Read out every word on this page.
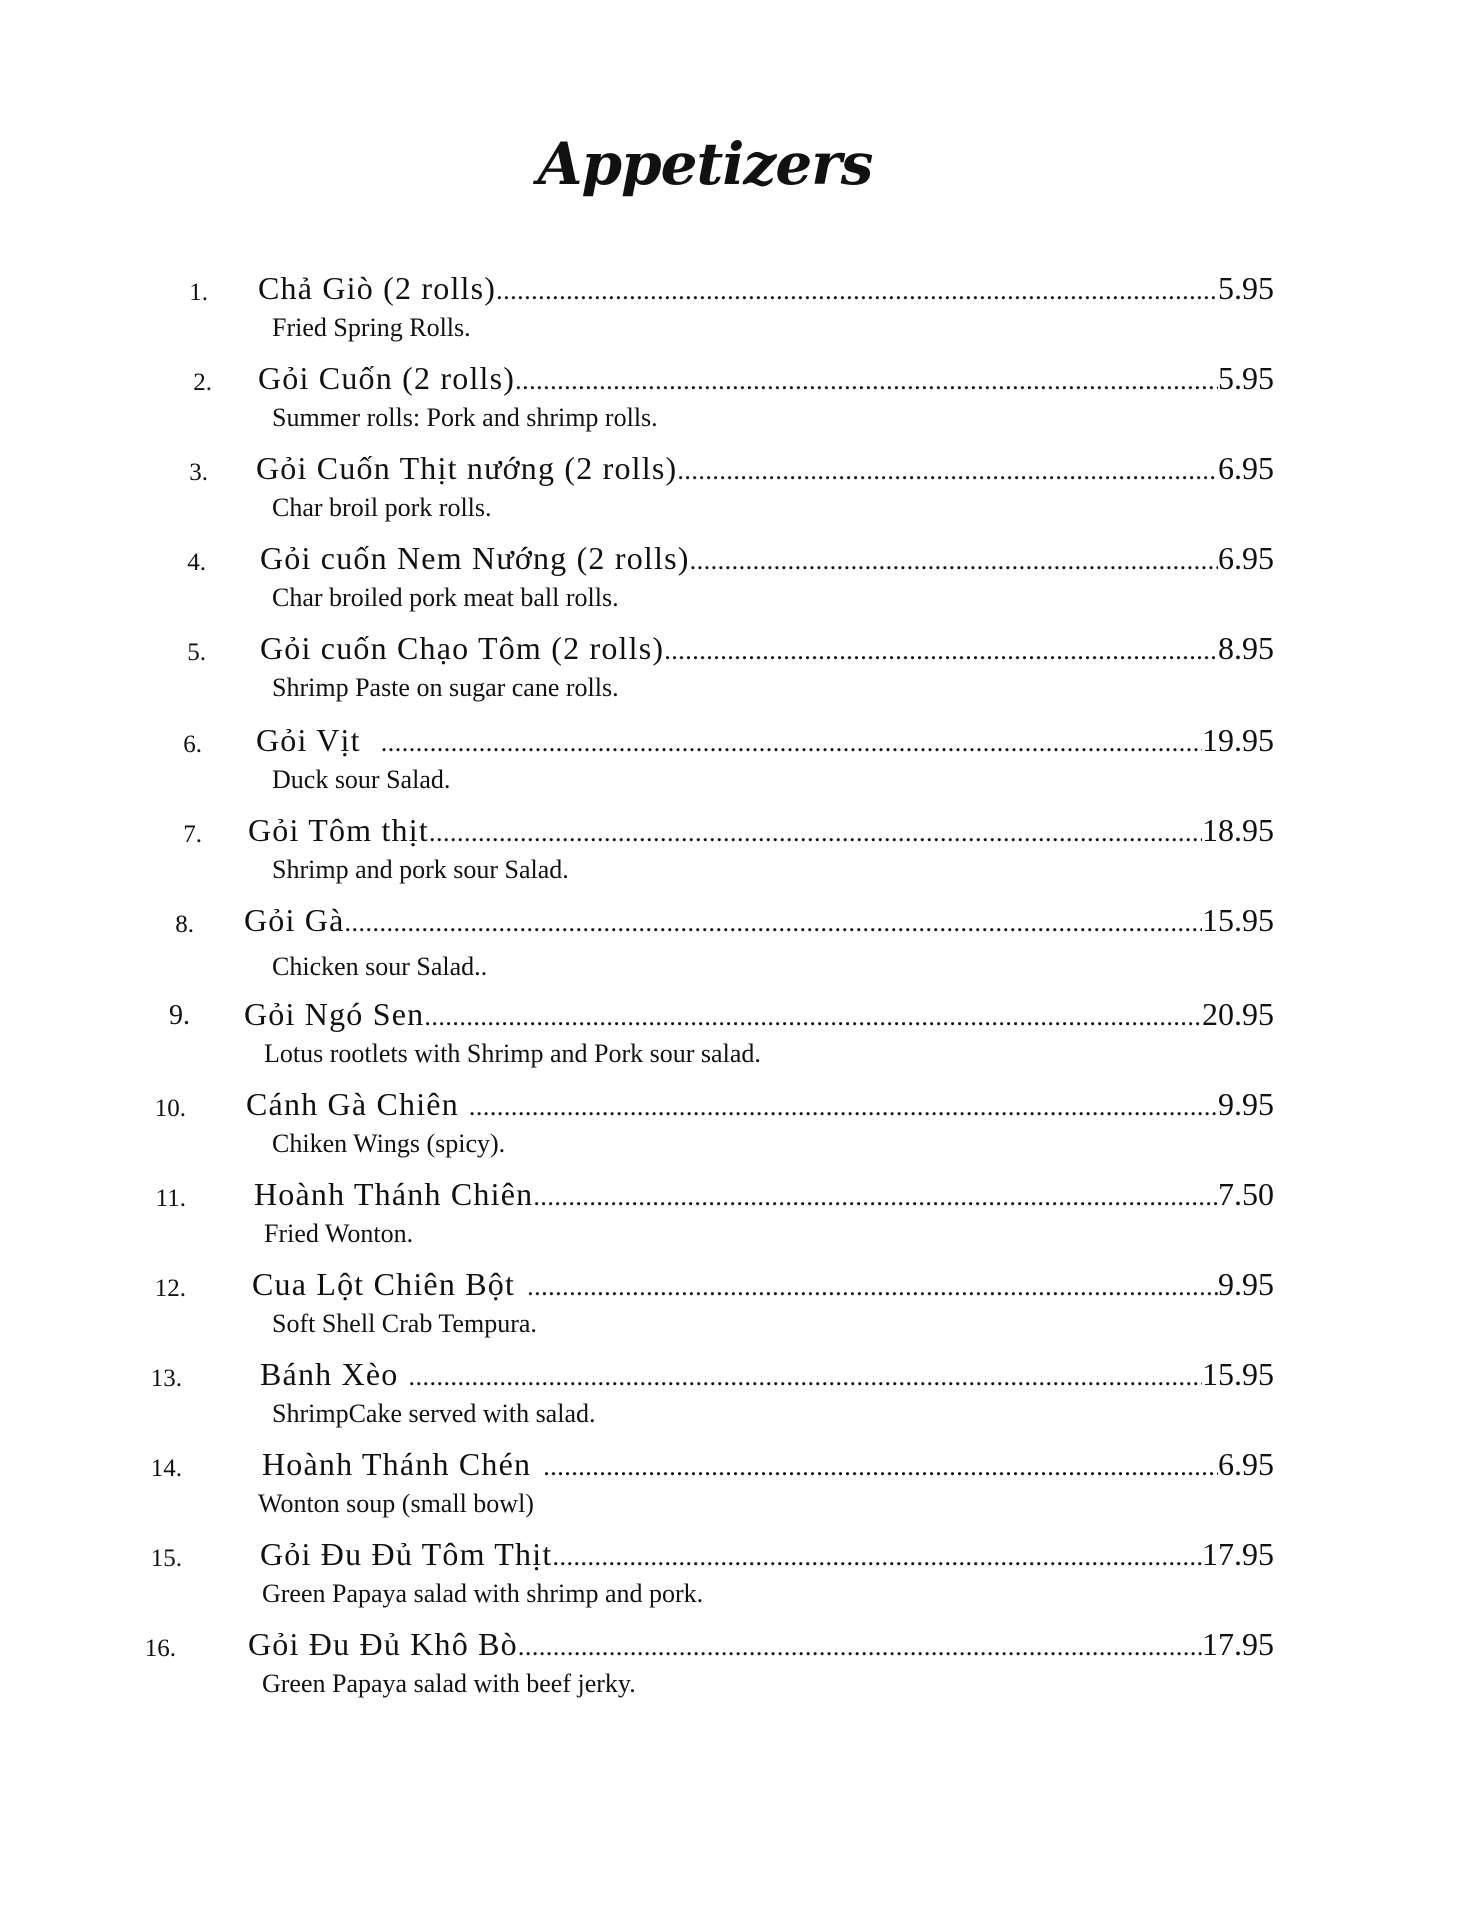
Appetizers
1. Chả Giò (2 rolls) .....	5.95
Fried Spring Rolls.
2. Gỏi Cuốn (2 rolls) .....	5.95
Summer rolls: Pork and shrimp rolls.
3. Gỏi Cuốn Thịt nướng (2 rolls) .....	6.95
Char broil pork rolls.
4. Gỏi cuốn Nem Nướng (2 rolls) .....	6.95
Char broiled pork meat ball rolls.
5. Gỏi cuốn Chạo Tôm (2 rolls) .....	8.95
Shrimp Paste on sugar cane rolls.
6. Gỏi Vịt .....	19.95
Duck sour Salad.
7. Gỏi Tôm thịt .....	18.95
Shrimp and pork sour Salad.
8. Gỏi Gà .....	15.95
Chicken sour Salad..
9. Gỏi Ngó Sen .....	20.95
Lotus rootlets with Shrimp and Pork sour salad.
10. Cánh Gà Chiên .....	9.95
Chiken Wings (spicy).
11. Hoành Thánh Chiên .....	7.50
Fried Wonton.
12. Cua Lột Chiên Bột .....	9.95
Soft Shell Crab Tempura.
13. Bánh Xèo .....	15.95
ShrimpCake served with salad.
14.	Hoành Thánh Chén .....	6.95
Wonton soup (small bowl)
15. Gỏi Đu Đủ Tôm Thịt .....	17.95
Green Papaya salad with shrimp and pork.
16. Gỏi Đu Đủ Khô Bò .....	17.95
Green Papaya salad with beef jerky.
